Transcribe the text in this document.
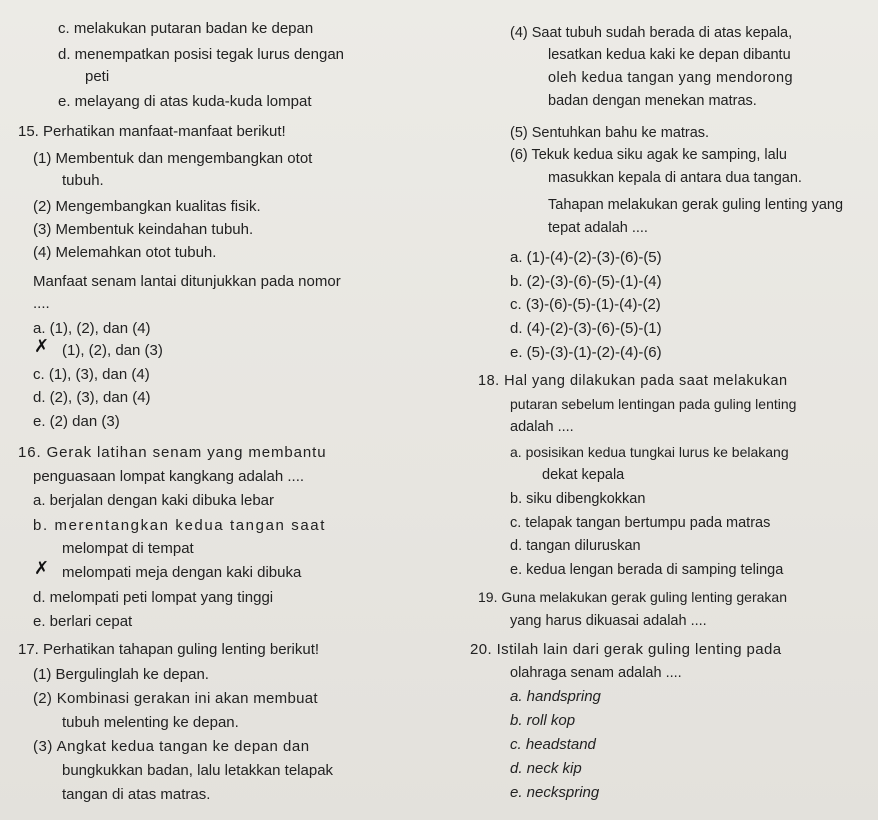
c. melakukan putaran badan ke depan
d. menempatkan posisi tegak lurus dengan
peti
e. melayang di atas kuda-kuda lompat
15. Perhatikan manfaat-manfaat berikut!
(1) Membentuk dan mengembangkan otot
tubuh.
(2) Mengembangkan kualitas fisik.
(3) Membentuk keindahan tubuh.
(4) Melemahkan otot tubuh.
Manfaat senam lantai ditunjukkan pada nomor
....
a. (1), (2), dan (4)
✗ (1), (2), dan (3)
c. (1), (3), dan (4)
d. (2), (3), dan (4)
e. (2) dan (3)
16. Gerak latihan senam yang membantu
penguasaan lompat kangkang adalah ....
a. berjalan dengan kaki dibuka lebar
b. merentangkan kedua tangan saat
melompat di tempat
✗ melompati meja dengan kaki dibuka
d. melompati peti lompat yang tinggi
e. berlari cepat
17. Perhatikan tahapan guling lenting berikut!
(1) Bergulinglah ke depan.
(2) Kombinasi gerakan ini akan membuat
tubuh melenting ke depan.
(3) Angkat kedua tangan ke depan dan
bungkukkan badan, lalu letakkan telapak
tangan di atas matras.
(4) Saat tubuh sudah berada di atas kepala,
lesatkan kedua kaki ke depan dibantu
oleh kedua tangan yang mendorong
badan dengan menekan matras.
(5) Sentuhkan bahu ke matras.
(6) Tekuk kedua siku agak ke samping, lalu
masukkan kepala di antara dua tangan.
Tahapan melakukan gerak guling lenting yang
tepat adalah ....
a. (1)-(4)-(2)-(3)-(6)-(5)
b. (2)-(3)-(6)-(5)-(1)-(4)
c. (3)-(6)-(5)-(1)-(4)-(2)
d. (4)-(2)-(3)-(6)-(5)-(1)
e. (5)-(3)-(1)-(2)-(4)-(6)
18. Hal yang dilakukan pada saat melakukan
putaran sebelum lentingan pada guling lenting
adalah ....
a. posisikan kedua tungkai lurus ke belakang
dekat kepala
b. siku dibengkokkan
c. telapak tangan bertumpu pada matras
d. tangan diluruskan
e. kedua lengan berada di samping telinga
19. Guna melakukan gerak guling lenting gerakan
yang harus dikuasai adalah ....
20. Istilah lain dari gerak guling lenting pada
olahraga senam adalah ....
a. handspring
b. roll kop
c. headstand
d. neck kip
e. neckspring
